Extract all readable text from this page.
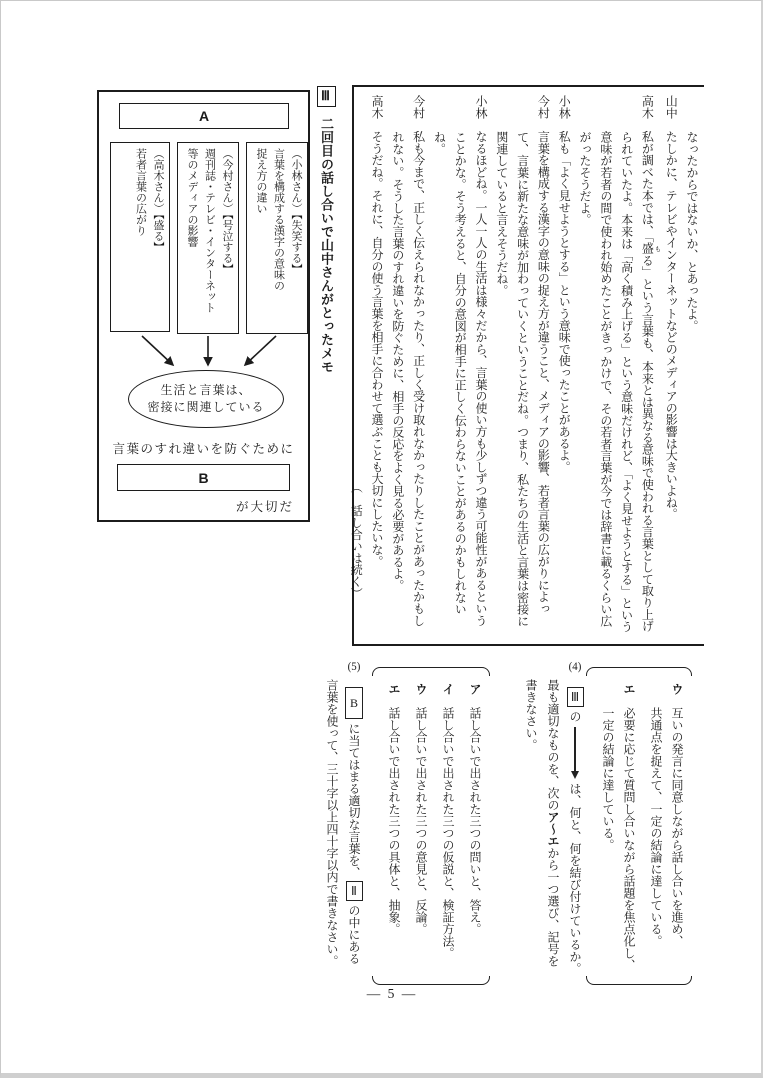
なったからではないか、とあったよ。

山中たしかに、テレビやインターネットなどのメディアの影響は大きいよね。

高木私が調べた本では、「盛 もる」という言葉も、本来とは異なる意味で使われる言葉として取り上げられていたよ。本来は「高く積み上げる」という意味だけれど、「よく見せようとする」という意味が若者の間で使われ始めたことがきっかけで、その若者言葉が今では辞書に載るくらい広がったそうだよ。

小林私も「よく見せようとする」という意味で使ったことがあるよ。

今村言葉を構成する漢字の意味の捉え方が違うこと、メディアの影響、若者言葉の広がりによって、言葉に新たな意味が加わっていくということだね。つまり、私たちの生活と言葉は密接に関連していると言えそうだね。

小林なるほどね。一人一人の生活は様々だから、言葉の使い方も少しずつ違う可能性があるということかな。そう考えると、自分の意図が相手に正しく伝わらないことがあるのかもしれないね。

今村私も今まで、正しく伝えられなかったり、正しく受け取れなかったりしたことがあったかもしれない。そうした言葉のすれ違いを防ぐために、相手の反応をよく見る必要があるよ。

高木そうだね。それに、自分の使う言葉を相手に合わせて選ぶことも大切にしたいな。

（…話し合いは続く）

Ⅲ二回目の話し合いで山中さんがとったメモ
A

（小林さん）【失笑する】

言葉を構成する漢字の意味の

捉え方の違い

（今村さん）【号泣する】

週刊誌・テレビ・インターネット

等のメディアの影響

（高木さん）【盛る】

若者言葉の広がり

生活と言葉は、
密接に関連している
言葉のすれ違いを防ぐために
B
が大切だ

ウ互いの発言に同意しながら話し合いを進め、

共通点を捉えて、一定の結論に達している。

エ必要に応じて質問し合いながら話題を焦点化し、

一定の結論に達している。

(4)Ⅲのは、何と、何を結び付けているか。

最も適切なものを、次のア～エから一つ選び、記号を

書きなさい。

ア話し合いで出された三つの問いと、答え。

イ話し合いで出された三つの仮説と、検証方法。

ウ話し合いで出された三つの意見と、反論。

エ話し合いで出された三つの具体と、抽象。

(5)Bに当てはまる適切な言葉を、Ⅱの中にある

言葉を使って、三十字以上四十字以内で書きなさい。

― 5 ―
